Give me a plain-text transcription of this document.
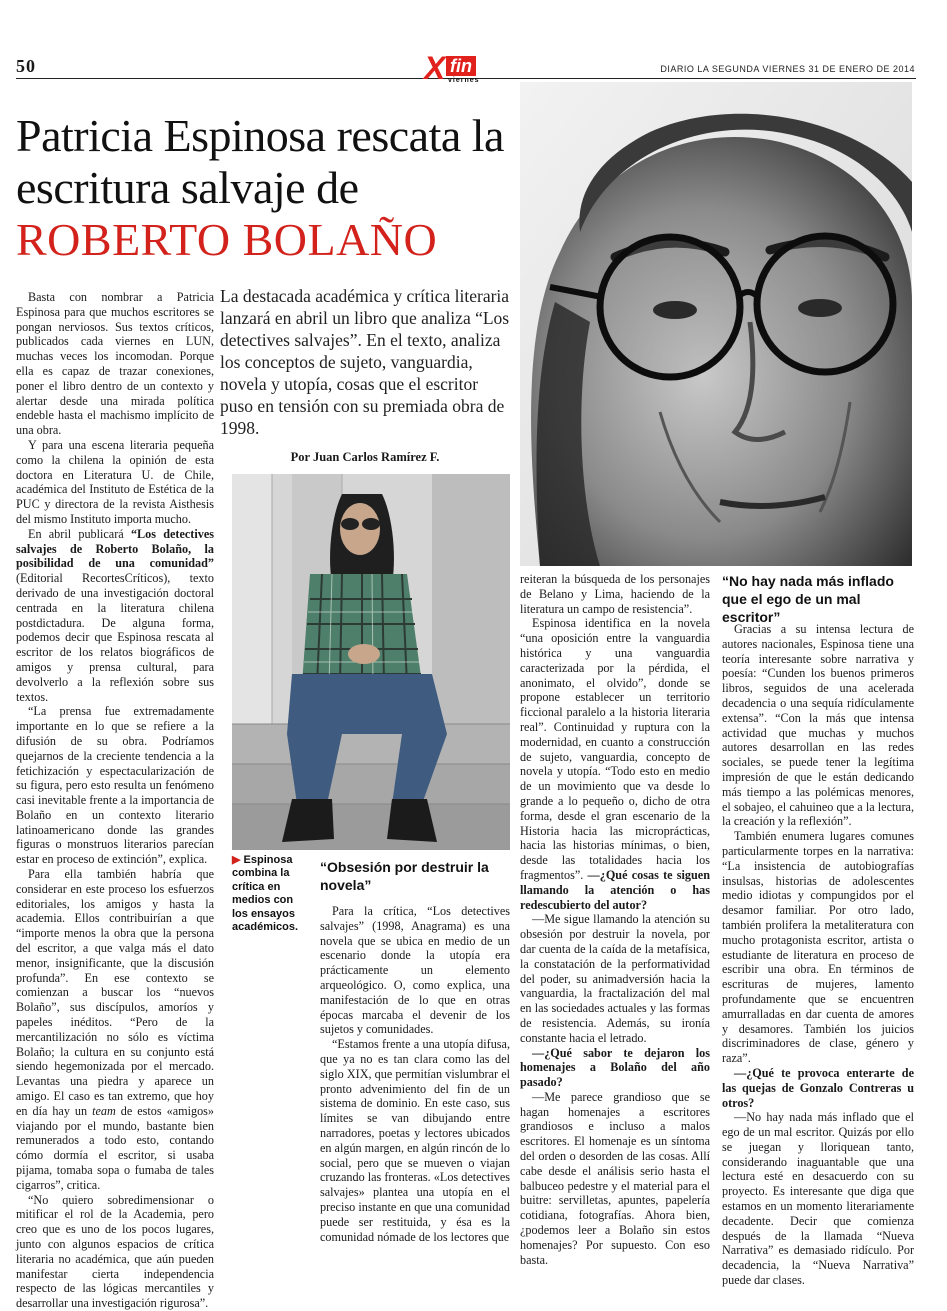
50	X fin
viernes
DIARIO LA SEGUNDA VIERNES 31 DE ENERO DE 2014
Patricia Espinosa rescata la
escritura salvaje de
ROBERTO BOLAÑO
La destacada académica y crítica literaria lanzará en abril un libro que analiza “Los detectives salvajes”. En el texto, analiza los conceptos de sujeto, vanguardia, novela y utopía, cosas que el escritor puso en tensión con su premiada obra de 1998.
Por Juan Carlos Ramírez F.
▶ Espinosa combina la crítica en medios con los ensayos académicos.

Basta con nombrar a Patricia Espinosa para que muchos escritores se pongan nerviosos. Sus textos críticos, publicados cada viernes en LUN, muchas veces los incomodan. Porque ella es capaz de trazar conexiones, poner el libro dentro de un contexto y alertar desde una mirada política endeble hasta el machismo implícito de una obra.

Y para una escena literaria pequeña como la chilena la opinión de esta doctora en Literatura U. de Chile, académica del Instituto de Estética de la PUC y directora de la revista Aisthesis del mismo Instituto importa mucho.

En abril publicará “Los detectives salvajes de Roberto Bolaño, la posibilidad de una comunidad” (Editorial RecortesCríticos), texto derivado de una investigación doctoral centrada en la literatura chilena postdictadura. De alguna forma, podemos decir que Espinosa rescata al escritor de los relatos biográficos de amigos y prensa cultural, para devolverlo a la reflexión sobre sus textos.

“La prensa fue extremadamente importante en lo que se refiere a la difusión de su obra. Podríamos quejarnos de la creciente tendencia a la fetichización y espectacularización de su figura, pero esto resulta un fenómeno casi inevitable frente a la importancia de Bolaño en un contexto literario latinoamericano donde las grandes figuras o monstruos literarios parecían estar en proceso de extinción”, explica.

Para ella también habría que considerar en este proceso los esfuerzos editoriales, los amigos y hasta la academia. Ellos contribuirían a que “importe menos la obra que la persona del escritor, a que valga más el dato menor, insignificante, que la discusión profunda”. En ese contexto se comienzan a buscar los “nuevos Bolaño”, sus discípulos, amoríos y papeles inéditos. “Pero de la mercantilización no sólo es víctima Bolaño; la cultura en su conjunto está siendo hegemonizada por el mercado. Levantas una piedra y aparece un amigo. El caso es tan extremo, que hoy en día hay un team de estos «amigos» viajando por el mundo, bastante bien remunerados a todo esto, contando cómo dormía el escritor, si usaba pijama, tomaba sopa o fumaba de tales cigarros”, critica.

“No quiero sobredimensionar o mitificar el rol de la Academia, pero creo que es uno de los pocos lugares, junto con algunos espacios de crítica literaria no académica, que aún pueden manifestar cierta independencia respecto de las lógicas mercantiles y desarrollar una investigación rigurosa”.

“Obsesión por destruir la novela”

Para la crítica, “Los detectives salvajes” (1998, Anagrama) es una novela que se ubica en medio de un escenario donde la utopía era prácticamente un elemento arqueológico. O, como explica, una manifestación de lo que en otras épocas marcaba el devenir de los sujetos y comunidades.

“Estamos frente a una utopía difusa, que ya no es tan clara como las del siglo XIX, que permitían vislumbrar el pronto advenimiento del fin de un sistema de dominio. En este caso, sus límites se van dibujando entre narradores, poetas y lectores ubicados en algún margen, en algún rincón de lo social, pero que se mueven o viajan cruzando las fronteras. «Los detectives salvajes» plantea una utopía en el preciso instante en que una comunidad puede ser restituida, y ésa es la comunidad nómade de los lectores que

reiteran la búsqueda de los personajes de Belano y Lima, haciendo de la literatura un campo de resistencia”.

Espinosa identifica en la novela “una oposición entre la vanguardia histórica y una vanguardia caracterizada por la pérdida, el anonimato, el olvido”, donde se propone establecer un territorio ficcional paralelo a la historia literaria real”. Continuidad y ruptura con la modernidad, en cuanto a construcción de sujeto, vanguardia, concepto de novela y utopía. “Todo esto en medio de un movimiento que va desde lo grande a lo pequeño o, dicho de otra forma, desde el gran escenario de la Historia hacia las microprácticas, hacia las historias mínimas, o bien, desde las totalidades hacia los fragmentos”. —¿Qué cosas te siguen llamando la atención o has redescubierto del autor?

—Me sigue llamando la atención su obsesión por destruir la novela, por dar cuenta de la caída de la metafísica, la constatación de la performatividad del poder, su animadversión hacia la vanguardia, la fractalización del mal en las sociedades actuales y las formas de resistencia. Además, su ironía constante hacia el letrado.

—¿Qué sabor te dejaron los homenajes a Bolaño del año pasado?

—Me parece grandioso que se hagan homenajes a escritores grandiosos e incluso a malos escritores. El homenaje es un síntoma del orden o desorden de las cosas. Allí cabe desde el análisis serio hasta el balbuceo pedestre y el material para el buitre: servilletas, apuntes, papelería cotidiana, fotografías. Ahora bien, ¿podemos leer a Bolaño sin estos homenajes? Por supuesto. Con eso basta.

“No hay nada más inflado que el ego de un mal escritor”

Gracias a su intensa lectura de autores nacionales, Espinosa tiene una teoría interesante sobre narrativa y poesía: “Cunden los buenos primeros libros, seguidos de una acelerada decadencia o una sequía ridículamente extensa”. “Con la más que intensa actividad que muchas y muchos autores desarrollan en las redes sociales, se puede tener la legítima impresión de que le están dedicando más tiempo a las polémicas menores, el sobajeo, el cahuineo que a la lectura, la creación y la reflexión”.

También enumera lugares comunes particularmente torpes en la narrativa: “La insistencia de autobiografías insulsas, historias de adolescentes medio idiotas y compungidos por el desamor familiar. Por otro lado, también prolifera la metaliteratura con mucho protagonista escritor, artista o estudiante de literatura en proceso de escribir una obra. En términos de escrituras de mujeres, lamento profundamente que se encuentren amurralladas en dar cuenta de amores y desamores. También los juicios discriminadores de clase, género y raza”.

—¿Qué te provoca enterarte de las quejas de Gonzalo Contreras u otros?

—No hay nada más inflado que el ego de un mal escritor. Quizás por ello se juegan y lloriquean tanto, considerando inaguantable que una lectura esté en desacuerdo con su proyecto. Es interesante que diga que estamos en un momento literariamente decadente. Decir que comienza después de la llamada “Nueva Narrativa” es demasiado ridículo. Por decadencia, la “Nueva Narrativa” puede dar clases.
